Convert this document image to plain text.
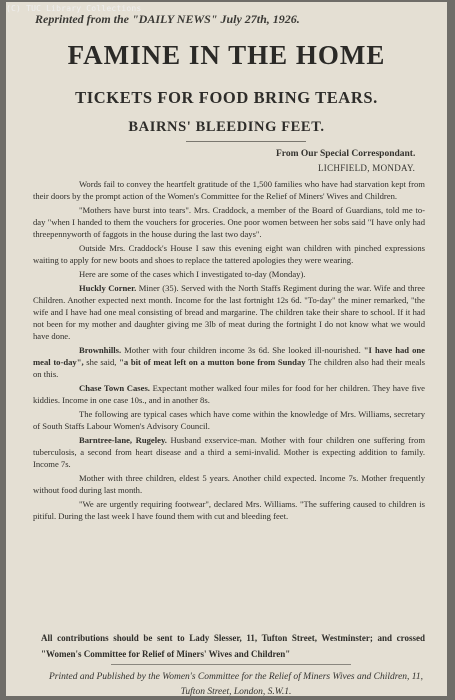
(C) TUC Library Collections
Reprinted from the "DAILY NEWS" July 27th, 1926.
FAMINE IN THE HOME
TICKETS FOR FOOD BRING TEARS.
BAIRNS' BLEEDING FEET.
From Our Special Correspondant.
LICHFIELD, MONDAY.

Words fail to convey the heartfelt gratitude of the 1,500 families who have had starvation kept from their doors by the prompt action of the Women's Committee for the Relief of Miners' Wives and Children.

"Mothers have burst into tears". Mrs. Craddock, a member of the Board of Guardians, told me to-day "when I handed to them the vouchers for groceries. One poor women between her sobs said "I have only had threepennyworth of faggots in the house during the last two days".

Outside Mrs. Craddock's House I saw this evening eight wan children with pinched expressions waiting to apply for new boots and shoes to replace the tattered apologies they were wearing.

Here are some of the cases which I investigated to-day (Monday).

Huckly Corner. Miner (35). Served with the North Staffs Regiment during the war. Wife and three Children. Another expected next month. Income for the last fortnight 12s 6d. "To-day" the miner remarked, "the wife and I have had one meal consisting of bread and margarine. The children take their share to school. If it had not been for my mother and daughter giving me 3lb of meat during the fortnight I do not know what we would have done.

Brownhills. Mother with four children income 3s 6d. She looked ill-nourished. "I have had one meal to-day", she said, "a bit of meat left on a mutton bone from Sunday The children also had their meals on this.

Chase Town Cases. Expectant mother walked four miles for food for her children. They have five kiddies. Income in one case 10s., and in another 8s.

The following are typical cases which have come within the knowledge of Mrs. Williams, secretary of South Staffs Labour Women's Advisory Council.

Barntree-lane, Rugeley. Husband exservice-man. Mother with four children one suffering from tuberculosis, a second from heart disease and a third a semi-invalid. Mother is expecting addition to family. Income 7s.

Mother with three children, eldest 5 years. Another child expected. Income 7s. Mother frequently without food during last month.

"We are urgently requiring footwear", declared Mrs. Williams. "The suffering caused to children is pitiful. During the last week I have found them with cut and bleeding feet.

All contributions should be sent to Lady Slesser, 11, Tufton Street, Westminster; and crossed "Women's Committee for Relief of Miners' Wives and Children"
Printed and Published by the Women's Committee for the Relief of Miners Wives and Children, 11, Tufton Street, London, S.W.1.
